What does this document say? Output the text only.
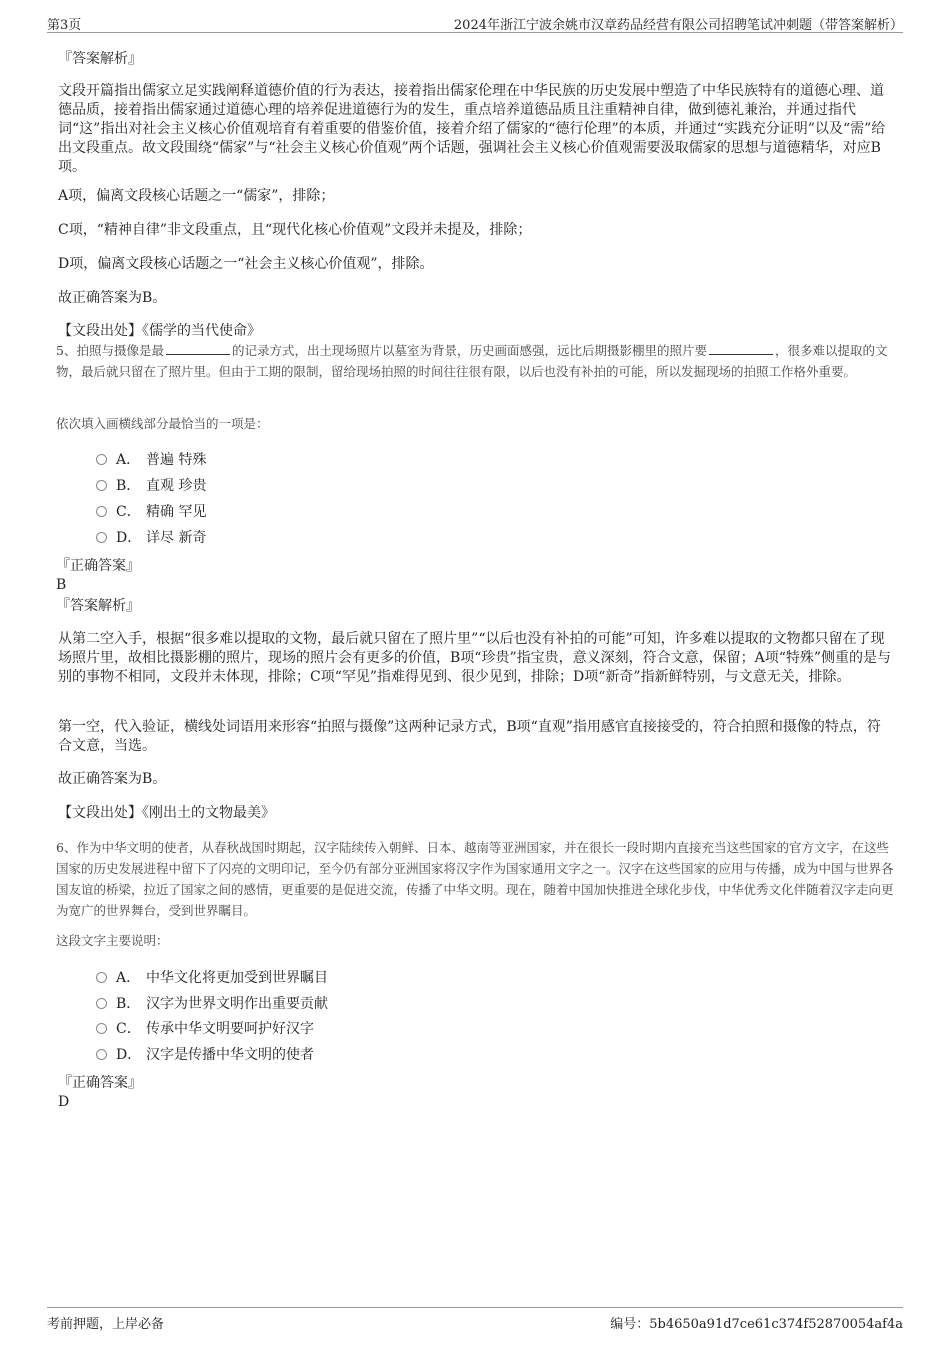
第3页	2024年浙江宁波余姚市汉章药品经营有限公司招聘笔试冲刺题（带答案解析）
『答案解析』

文段开篇指出儒家立足实践阐释道德价值的行为表达，接着指出儒家伦理在中华民族的历史发展中塑造了中华民族特有的道德心理、道德品质，接着指出儒家通过道德心理的培养促进道德行为的发生，重点培养道德品质且注重精神自律，做到德礼兼治，并通过指代词“这”指出对社会主义核心价值观培育有着重要的借鉴价值，接着介绍了儒家的“德行伦理”的本质，并通过“实践充分证明”以及“需”给出文段重点。故文段围绕“儒家”与“社会主义核心价值观”两个话题，强调社会主义核心价值观需要汲取儒家的思想与道德精华，对应B项。

A项，偏离文段核心话题之一“儒家”，排除；

C项，“精神自律”非文段重点，且“现代化核心价值观”文段并未提及，排除；

D项，偏离文段核心话题之一“社会主义核心价值观”，排除。

故正确答案为B。

【文段出处】《儒学的当代使命》

5、拍照与摄像是最	的记录方式，出土现场照片以墓室为背景，历史画面感强，远比后期摄影棚里的照片要	，很多难以提取的文物，最后就只留在了照片里。但由于工期的限制，留给现场拍照的时间往往很有限，以后也没有补拍的可能，所以发掘现场的拍照工作格外重要。

依次填入画横线部分最恰当的一项是：
A． 普遍 特殊
B． 直观 珍贵
C． 精确 罕见
D． 详尽 新奇
『正确答案』
B
『答案解析』

从第二空入手，根据“很多难以提取的文物，最后就只留在了照片里”“以后也没有补拍的可能”可知，许多难以提取的文物都只留在了现场照片里，故相比摄影棚的照片，现场的照片会有更多的价值，B项“珍贵”指宝贵，意义深刻，符合文意，保留；A项“特殊”侧重的是与别的事物不相同，文段并未体现，排除；C项“罕见”指难得见到、很少见到，排除；D项“新奇”指新鲜特别，与文意无关，排除。

第一空，代入验证，横线处词语用来形容“拍照与摄像”这两种记录方式，B项“直观”指用感官直接接受的，符合拍照和摄像的特点，符合文意，当选。

故正确答案为B。

【文段出处】《刚出土的文物最美》

6、作为中华文明的使者，从春秋战国时期起，汉字陆续传入朝鲜、日本、越南等亚洲国家，并在很长一段时期内直接充当这些国家的官方文字，在这些国家的历史发展进程中留下了闪亮的文明印记，至今仍有部分亚洲国家将汉字作为国家通用文字之一。汉字在这些国家的应用与传播，成为中国与世界各国友谊的桥梁，拉近了国家之间的感情，更重要的是促进交流，传播了中华文明。现在，随着中国加快推进全球化步伐，中华优秀文化伴随着汉字走向更为宽广的世界舞台，受到世界瞩目。

这段文字主要说明：
A． 中华文化将更加受到世界瞩目
B． 汉字为世界文明作出重要贡献
C． 传承中华文明要呵护好汉字
D． 汉字是传播中华文明的使者
『正确答案』
D
考前押题，上岸必备	编号：5b4650a91d7ce61c374f52870054af4a
